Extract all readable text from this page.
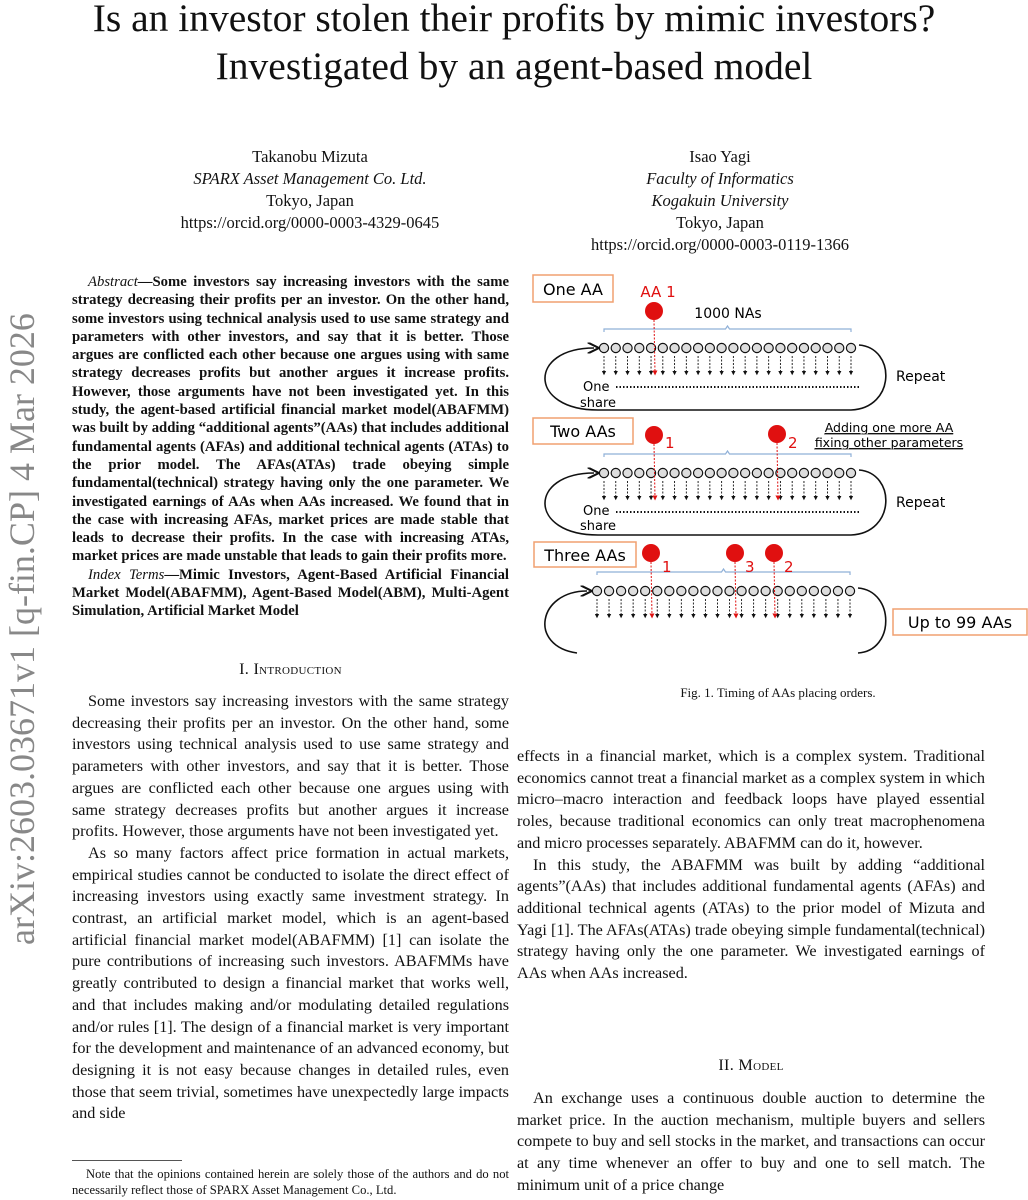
arXiv:2603.03671v1 [q-fin.CP] 4 Mar 2026
Is an investor stolen their profits by mimic investors? Investigated by an agent-based model
Takanobu Mizuta
SPARX Asset Management Co. Ltd.
Tokyo, Japan
https://orcid.org/0000-0003-4329-0645
Isao Yagi
Faculty of Informatics
Kogakuin University
Tokyo, Japan
https://orcid.org/0000-0003-0119-1366

Abstract—Some investors say increasing investors with the same strategy decreasing their profits per an investor. On the other hand, some investors using technical analysis used to use same strategy and parameters with other investors, and say that it is better. Those argues are conflicted each other because one argues using with same strategy decreases profits but another argues it increase profits. However, those arguments have not been investigated yet. In this study, the agent-based artificial financial market model(ABAFMM) was built by adding “additional agents”(AAs) that includes additional fundamental agents (AFAs) and additional technical agents (ATAs) to the prior model. The AFAs(ATAs) trade obeying simple fundamental(technical) strategy having only the one parameter. We investigated earnings of AAs when AAs increased. We found that in the case with increasing AFAs, market prices are made stable that leads to decrease their profits. In the case with increasing ATAs, market prices are made unstable that leads to gain their profits more.

Index Terms—Mimic Investors, Agent-Based Artificial Financial Market Model(ABAFMM), Agent-Based Model(ABM), Multi-Agent Simulation, Artificial Market Model

I. Introduction

Some investors say increasing investors with the same strategy decreasing their profits per an investor. On the other hand, some investors using technical analysis used to use same strategy and parameters with other investors, and say that it is better. Those argues are conflicted each other because one argues using with same strategy decreases profits but another argues it increase profits. However, those arguments have not been investigated yet.

As so many factors affect price formation in actual markets, empirical studies cannot be conducted to isolate the direct effect of increasing investors using exactly same investment strategy. In contrast, an artificial market model, which is an agent-based artificial financial market model(ABAFMM) [1] can isolate the pure contributions of increasing such investors. ABAFMMs have greatly contributed to design a financial market that works well, and that includes making and/or modulating detailed regulations and/or rules [1]. The design of a financial market is very important for the development and maintenance of an advanced economy, but designing it is not easy because changes in detailed rules, even those that seem trivial, sometimes have unexpectedly large impacts and side

Note that the opinions contained herein are solely those of the authors and do not necessarily reflect those of SPARX Asset Management Co., Ltd.

One AA AA 1
1000 NAs
Repeat
One
share
Two AAs
1	2
Adding one more AA
fixing other parameters
Repeat
One
share
Three AAs
1	3 2
Up to 99 AAs
Fig. 1. Timing of AAs placing orders.

effects in a financial market, which is a complex system. Traditional economics cannot treat a financial market as a complex system in which micro–macro interaction and feedback loops have played essential roles, because traditional economics can only treat macrophenomena and micro processes separately. ABAFMM can do it, however.

In this study, the ABAFMM was built by adding “additional agents”(AAs) that includes additional fundamental agents (AFAs) and additional technical agents (ATAs) to the prior model of Mizuta and Yagi [1]. The AFAs(ATAs) trade obeying simple fundamental(technical) strategy having only the one parameter. We investigated earnings of AAs when AAs increased.

II. Model

An exchange uses a continuous double auction to determine the market price. In the auction mechanism, multiple buyers and sellers compete to buy and sell stocks in the market, and transactions can occur at any time whenever an offer to buy and one to sell match. The minimum unit of a price change
